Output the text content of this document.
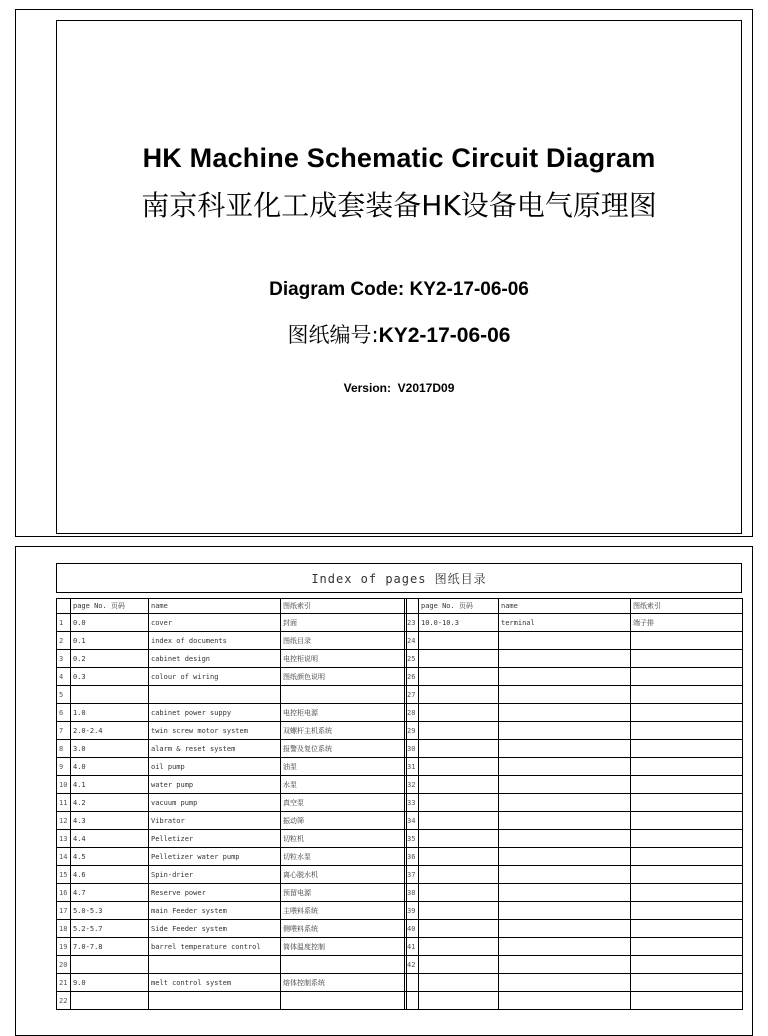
HK Machine Schematic Circuit Diagram
南京科亚化工成套装备HK设备电气原理图
Diagram Code: KY2-17-06-06
图纸编号:KY2-17-06-06
Version: V2017D09
Index of pages 图纸目录
	page No. 页码	name	图纸索引
1	0.0	cover	封面
2	0.1	index of documents	图纸目录
3	0.2	cabinet design	电控柜说明
4	0.3	colour of wiring	图纸颜色说明
5			
6	1.0	cabinet power suppy	电控柜电源
7	2.0-2.4	twin screw motor system	双螺杆主机系统
8	3.0	alarm & reset system	报警及复位系统
9	4.0	oil pump	油泵
10	4.1	water pump	水泵
11	4.2	vacuum pump	真空泵
12	4.3	Vibrator	振动筛
13	4.4	Pelletizer	切粒机
14	4.5	Pelletizer water pump	切粒水泵
15	4.6	Spin-drier	离心脱水机
16	4.7	Reserve power	预留电源
17	5.0-5.3	main Feeder system	主喂料系统
18	5.2-5.7	Side Feeder system	侧喂料系统
19	7.0-7.8	barrel temperature control	筒体温度控制
20			
21	9.0	melt control system	熔体控制系统
22			
	page No. 页码	name	图纸索引
23	10.0-10.3	terminal	端子排
24			
25			
26			
27			
28			
29			
30			
31			
32			
33			
34			
35			
36			
37			
38			
39			
40			
41			
42			
